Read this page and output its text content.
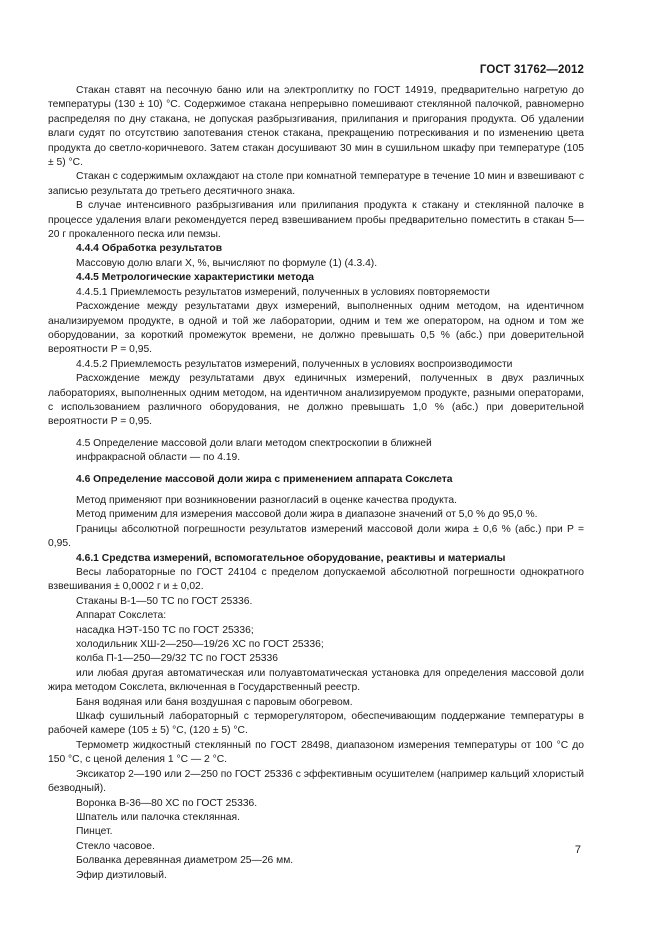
ГОСТ 31762—2012

Стакан ставят на песочную баню или на электроплитку по ГОСТ 14919, предварительно нагретую до температуры (130 ± 10) °C. Содержимое стакана непрерывно помешивают стеклянной палочкой, равномерно распределяя по дну стакана, не допуская разбрызгивания, прилипания и пригорания продукта. Об удалении влаги судят по отсутствию запотевания стенок стакана, прекращению потрескивания и по изменению цвета продукта до светло-коричневого. Затем стакан досушивают 30 мин в сушильном шкафу при температуре (105 ± 5) °C.

Стакан с содержимым охлаждают на столе при комнатной температуре в течение 10 мин и взвешивают с записью результата до третьего десятичного знака.

В случае интенсивного разбрызгивания или прилипания продукта к стакану и стеклянной палочке в процессе удаления влаги рекомендуется перед взвешиванием пробы предварительно поместить в стакан 5—20 г прокаленного песка или пемзы.

4.4.4 Обработка результатов

Массовую долю влаги X, %, вычисляют по формуле (1) (4.3.4).

4.4.5 Метрологические характеристики метода

4.4.5.1 Приемлемость результатов измерений, полученных в условиях повторяемости

Расхождение между результатами двух измерений, выполненных одним методом, на идентичном анализируемом продукте, в одной и той же лаборатории, одним и тем же оператором, на одном и том же оборудовании, за короткий промежуток времени, не должно превышать 0,5 % (абс.) при доверительной вероятности P = 0,95.

4.4.5.2 Приемлемость результатов измерений, полученных в условиях воспроизводимости

Расхождение между результатами двух единичных измерений, полученных в двух различных лабораториях, выполненных одним методом, на идентичном анализируемом продукте, разными операторами, с использованием различного оборудования, не должно превышать 1,0 % (абс.) при доверительной вероятности P = 0,95.

4.5 Определение массовой доли влаги методом спектроскопии в ближней инфракрасной области — по 4.19.

4.6 Определение массовой доли жира с применением аппарата Сокслета

Метод применяют при возникновении разногласий в оценке качества продукта.

Метод применим для измерения массовой доли жира в диапазоне значений от 5,0 % до 95,0 %.

Границы абсолютной погрешности результатов измерений массовой доли жира ± 0,6 % (абс.) при P = 0,95.

4.6.1 Средства измерений, вспомогательное оборудование, реактивы и материалы

Весы лабораторные по ГОСТ 24104 с пределом допускаемой абсолютной погрешности однократного взвешивания ± 0,0002 г и ± 0,02.

Стаканы В-1—50 ТС по ГОСТ 25336.

Аппарат Сокслета:

насадка НЭТ-150 ТС по ГОСТ 25336;

холодильник ХШ-2—250—19/26 ХС по ГОСТ 25336;

колба П-1—250—29/32 ТС по ГОСТ 25336

или любая другая автоматическая или полуавтоматическая установка для определения массовой доли жира методом Сокслета, включенная в Государственный реестр.

Баня водяная или баня воздушная с паровым обогревом.

Шкаф сушильный лабораторный с терморегулятором, обеспечивающим поддержание температуры в рабочей камере (105 ± 5) °C, (120 ± 5) °C.

Термометр жидкостный стеклянный по ГОСТ 28498, диапазоном измерения температуры от 100 °C до 150 °C, с ценой деления 1 °C — 2 °C.

Эксикатор 2—190 или 2—250 по ГОСТ 25336 с эффективным осушителем (например кальций хлористый безводный).

Воронка В-36—80 ХС по ГОСТ 25336.

Шпатель или палочка стеклянная.

Пинцет.

Стекло часовое.

Болванка деревянная диаметром 25—26 мм.

Эфир диэтиловый.

7
